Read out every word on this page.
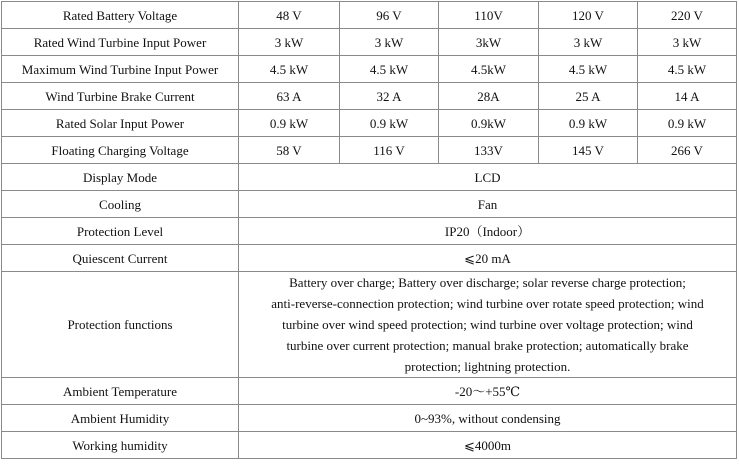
Rated Battery Voltage	48 V	96 V	110V	120 V	220 V
Rated Wind Turbine Input Power	3 kW	3 kW	3kW	3 kW	3 kW
Maximum Wind Turbine Input Power	4.5 kW	4.5 kW	4.5kW	4.5 kW	4.5 kW
Wind Turbine Brake Current	63 A	32 A	28A	25 A	14 A
Rated Solar Input Power	0.9 kW	0.9 kW	0.9kW	0.9 kW	0.9 kW
Floating Charging Voltage	58 V	116 V	133V	145 V	266 V
Display Mode	LCD				
Cooling	Fan				
Protection Level	IP20（Indoor）				
Quiescent Current	⩽20 mA				
Protection functions	Battery over charge; Battery over discharge; solar reverse charge protection;
anti-reverse-connection protection; wind turbine over rotate speed protection; wind
turbine over wind speed protection; wind turbine over voltage protection; wind
turbine over current protection; manual brake protection; automatically brake
protection; lightning protection.				

Ambient Temperature	-20～+55℃				
Ambient Humidity	0~93%, without condensing				
Working humidity	⩽4000m				
